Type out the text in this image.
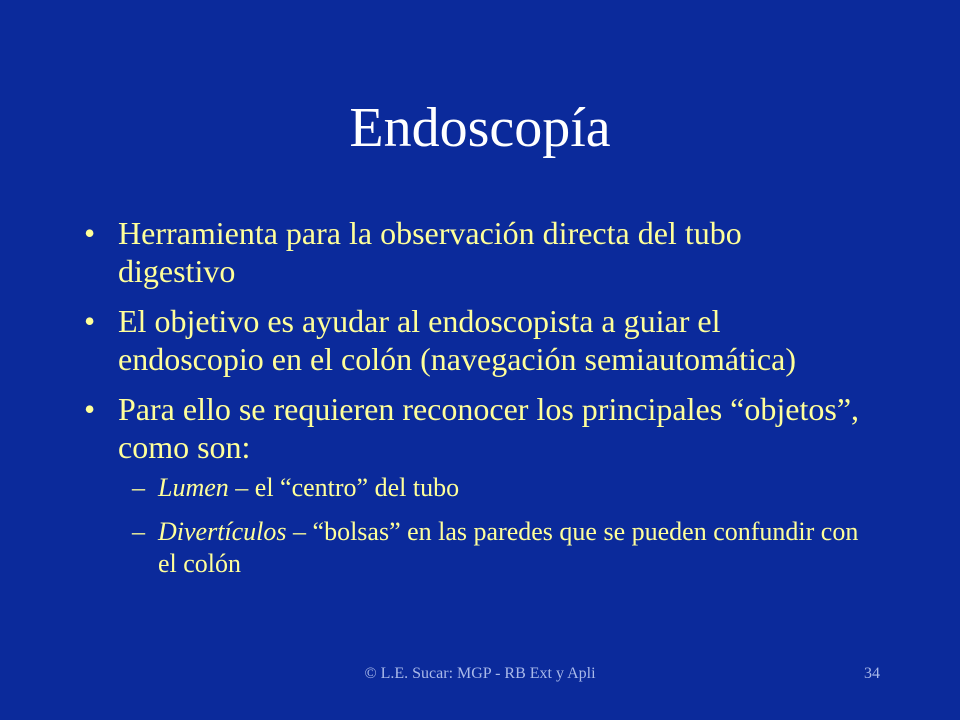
Endoscopía
• Herramienta para la observación directa del tubo digestivo
• El objetivo es ayudar al endoscopista a guiar el endoscopio en el colón (navegación semiautomática)
• Para ello se requieren reconocer los principales “objetos”, como son:
– Lumen – el “centro” del tubo
– Divertículos – “bolsas” en las paredes que se pueden confundir con el colón
© L.E. Sucar: MGP - RB Ext y Apli	34
